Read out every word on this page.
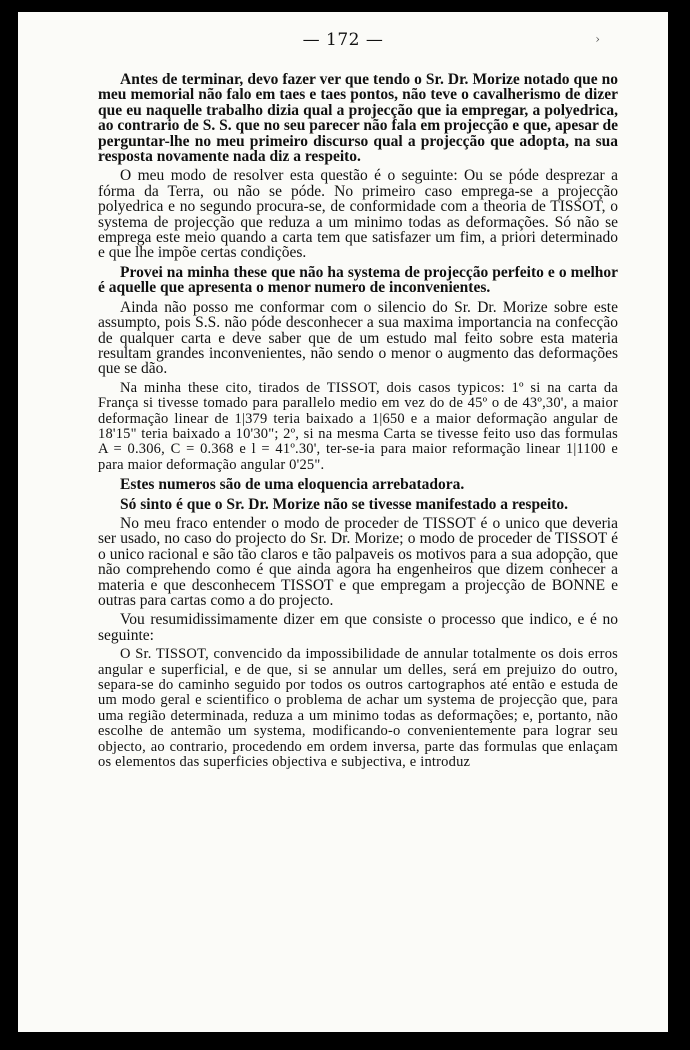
— 172 —	›

Antes de terminar, devo fazer ver que tendo o Sr. Dr. Morize notado que no meu memorial não falo em taes e taes pontos, não teve o cavalherismo de dizer que eu naquelle trabalho dizia qual a projecção que ia empregar, a polyedrica, ao contrario de S. S. que no seu parecer não fala em projecção e que, apesar de perguntar-lhe no meu primeiro discurso qual a projecção que adopta, na sua resposta novamente nada diz a respeito.

O meu modo de resolver esta questão é o seguinte: Ou se póde desprezar a fórma da Terra, ou não se póde. No primeiro caso emprega-se a projecção polyedrica e no segundo procura-se, de conformidade com a theoria de TISSOT, o systema de projecção que reduza a um minimo todas as deformações. Só não se emprega este meio quando a carta tem que satisfazer um fim, a priori determinado e que lhe impõe certas condições.

Provei na minha these que não ha systema de projecção perfeito e o melhor é aquelle que apresenta o menor numero de inconvenientes.

Ainda não posso me conformar com o silencio do Sr. Dr. Morize sobre este assumpto, pois S.S. não póde desconhecer a sua maxima importancia na confecção de qualquer carta e deve saber que de um estudo mal feito sobre esta materia resultam grandes inconvenientes, não sendo o menor o augmento das deformações que se dão.

Na minha these cito, tirados de TISSOT, dois casos typicos: 1º si na carta da França si tivesse tomado para parallelo medio em vez do de 45º o de 43º,30', a maior deformação linear de 1|379 teria baixado a 1|650 e a maior deformação angular de 18'15" teria baixado a 10'30"; 2º, si na mesma Carta se tivesse feito uso das formulas A = 0.306, C = 0.368 e l = 41º.30', ter-se-ia para maior reformação linear 1|1100 e para maior deformação angular 0'25".

Estes numeros são de uma eloquencia arrebatadora.

Só sinto é que o Sr. Dr. Morize não se tivesse manifestado a respeito.

No meu fraco entender o modo de proceder de TISSOT é o unico que deveria ser usado, no caso do projecto do Sr. Dr. Morize; o modo de proceder de TISSOT é o unico racional e são tão claros e tão palpaveis os motivos para a sua adopção, que não comprehendo como é que ainda agora ha engenheiros que dizem conhecer a materia e que desconhecem TISSOT e que empregam a projecção de BONNE e outras para cartas como a do projecto.

Vou resumidissimamente dizer em que consiste o processo que indico, e é no seguinte:

O Sr. TISSOT, convencido da impossibilidade de annular totalmente os dois erros angular e superficial, e de que, si se annular um delles, será em prejuizo do outro, separa-se do caminho seguido por todos os outros cartographos até então e estuda de um modo geral e scientifico o problema de achar um systema de projecção que, para uma região determinada, reduza a um minimo todas as deformações; e, portanto, não escolhe de antemão um systema, modificando-o convenientemente para lograr seu objecto, ao contrario, procedendo em ordem inversa, parte das formulas que enlaçam os elementos das superficies objectiva e subjectiva, e introduz
